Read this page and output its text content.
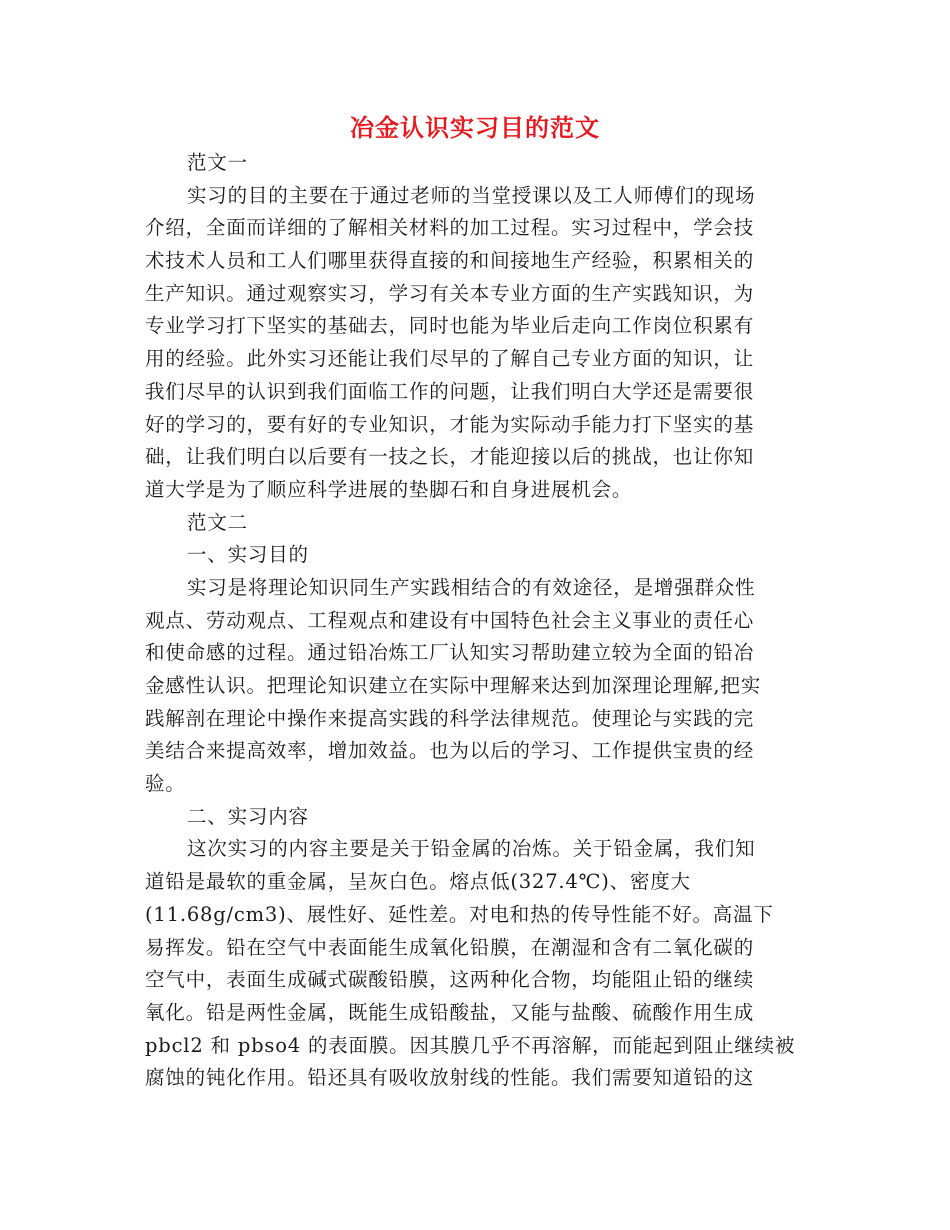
冶金认识实习目的范文
范文一
实习的目的主要在于通过老师的当堂授课以及工人师傅们的现场
介绍，全面而详细的了解相关材料的加工过程。实习过程中，学会技
术技术人员和工人们哪里获得直接的和间接地生产经验，积累相关的
生产知识。通过观察实习，学习有关本专业方面的生产实践知识，为
专业学习打下坚实的基础去，同时也能为毕业后走向工作岗位积累有
用的经验。此外实习还能让我们尽早的了解自己专业方面的知识，让
我们尽早的认识到我们面临工作的问题，让我们明白大学还是需要很
好的学习的，要有好的专业知识，才能为实际动手能力打下坚实的基
础，让我们明白以后要有一技之长，才能迎接以后的挑战，也让你知
道大学是为了顺应科学进展的垫脚石和自身进展机会。
范文二
一、实习目的
实习是将理论知识同生产实践相结合的有效途径，是增强群众性
观点、劳动观点、工程观点和建设有中国特色社会主义事业的责任心
和使命感的过程。通过铅冶炼工厂认知实习帮助建立较为全面的铅冶
金感性认识。把理论知识建立在实际中理解来达到加深理论理解,把实
践解剖在理论中操作来提高实践的科学法律规范。使理论与实践的完
美结合来提高效率，增加效益。也为以后的学习、工作提供宝贵的经
验。
二、实习内容
这次实习的内容主要是关于铅金属的冶炼。关于铅金属，我们知
道铅是最软的重金属，呈灰白色。熔点低(327.4℃)、密度大
(11.68g/cm3)、展性好、延性差。对电和热的传导性能不好。高温下
易挥发。铅在空气中表面能生成氧化铅膜，在潮湿和含有二氧化碳的
空气中，表面生成碱式碳酸铅膜，这两种化合物，均能阻止铅的继续
氧化。铅是两性金属，既能生成铅酸盐，又能与盐酸、硫酸作用生成
pbcl2 和 pbso4 的表面膜。因其膜几乎不再溶解，而能起到阻止继续被
腐蚀的钝化作用。铅还具有吸收放射线的性能。我们需要知道铅的这
